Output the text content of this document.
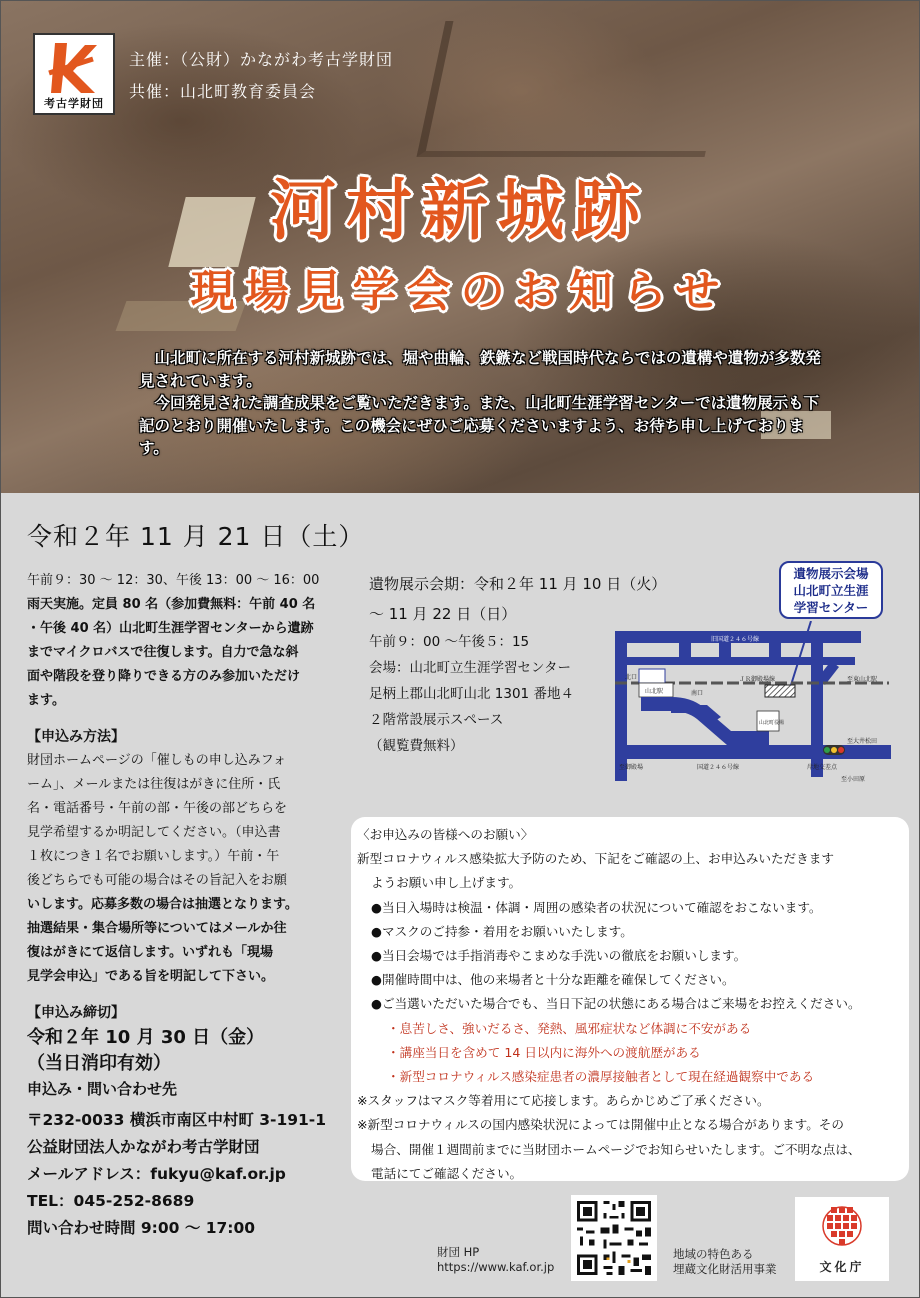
考古学財団
主催：（公財）かながわ考古学財団
共催：山北町教育委員会
河村新城跡
現場見学会のお知らせ

山北町に所在する河村新城跡では、堀や曲輪、鉄鏃など戦国時代ならではの遺構や遺物が多数発見されています。

今回発見された調査成果をご覧いただきます。また、山北町生涯学習センターでは遺物展示も下記のとおり開催いたします。この機会にぜひご応募くださいますよう、お待ち申し上げております。

令和２年 11 月 21 日（土）

午前９：30 〜 12：30、午後 13：00 〜 16：00

雨天実施。定員 80 名（参加費無料：午前 40 名

・午後 40 名）山北町生涯学習センターから遺跡

までマイクロバスで往復します。自力で急な斜

面や階段を登り降りできる方のみ参加いただけ

ます。

【申込み方法】

財団ホームページの「催しもの申し込みフォ

ーム」、メールまたは往復はがきに住所・氏

名・電話番号・午前の部・午後の部どちらを

見学希望するか明記してください。（申込書

１枚につき１名でお願いします。）午前・午

後どちらでも可能の場合はその旨記入をお願

いします。応募多数の場合は抽選となります。

抽選結果・集合場所等についてはメールか往

復はがきにて返信します。いずれも「現場

見学会申込」である旨を明記して下さい。

【申込み締切】

令和２年 10 月 30 日（金）

（当日消印有効）

申込み・問い合わせ先

〒232-0033 横浜市南区中村町 3-191-1

公益財団法人かながわ考古学財団

メールアドレス：fukyu@kaf.or.jp

TEL：045-252-8689

問い合わせ時間 9:00 〜 17:00

遺物展示会期：令和２年 11 月 10 日（火）

〜 11 月 22 日（日）

午前９：00 〜午後５：15

会場：山北町立生涯学習センター

足柄上郡山北町山北 1301 番地４

２階常設展示スペース

（観覧費無料）

遺物展示会場
山北町立生涯
学習センター
旧国道２４６号線
ＪＲ御殿場線	至東山北駅
北口
山北駅	南口
山北町役場
至大井松田
至御殿場	国道２４６号線	岸地交差点
至小田原

〈お申込みの皆様へのお願い〉

新型コロナウィルス感染拡大予防のため、下記をご確認の上、お申込みいただきます

ようお願い申し上げます。

●当日入場時は検温・体調・周囲の感染者の状況について確認をおこないます。

●マスクのご持参・着用をお願いいたします。

●当日会場では手指消毒やこまめな手洗いの徹底をお願いします。

●開催時間中は、他の来場者と十分な距離を確保してください。

●ご当選いただいた場合でも、当日下記の状態にある場合はご来場をお控えください。

・息苦しさ、強いだるさ、発熱、風邪症状など体調に不安がある

・講座当日を含めて 14 日以内に海外への渡航歴がある

・新型コロナウィルス感染症患者の濃厚接触者として現在経過観察中である

※スタッフはマスク等着用にて応接します。あらかじめご了承ください。

※新型コロナウィルスの国内感染状況によっては開催中止となる場合があります。その

場合、開催１週間前までに当財団ホームページでお知らせいたします。ご不明な点は、

電話にてご確認ください。

財団 HP
https://www.kaf.or.jp
地域の特色ある
埋蔵文化財活用事業	文化庁
